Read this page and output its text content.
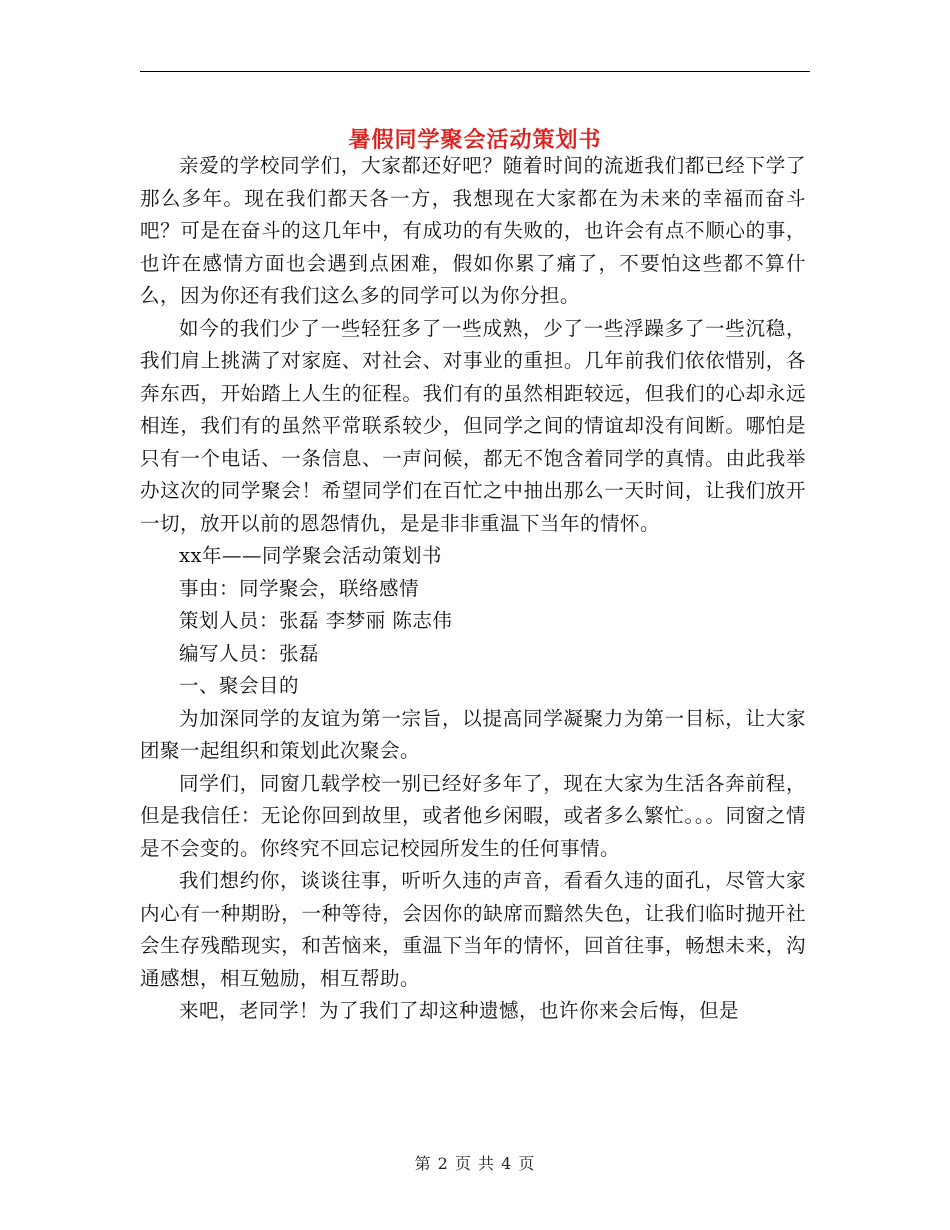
暑假同学聚会活动策划书

亲爱的学校同学们，大家都还好吧？随着时间的流逝我们都已经下学了那么多年。现在我们都天各一方，我想现在大家都在为未来的幸福而奋斗吧？可是在奋斗的这几年中，有成功的有失败的，也许会有点不顺心的事，也许在感情方面也会遇到点困难，假如你累了痛了，不要怕这些都不算什么，因为你还有我们这么多的同学可以为你分担。

如今的我们少了一些轻狂多了一些成熟，少了一些浮躁多了一些沉稳，我们肩上挑满了对家庭、对社会、对事业的重担。几年前我们依依惜别，各奔东西，开始踏上人生的征程。我们有的虽然相距较远，但我们的心却永远相连，我们有的虽然平常联系较少，但同学之间的情谊却没有间断。哪怕是只有一个电话、一条信息、一声问候，都无不饱含着同学的真情。由此我举办这次的同学聚会！希望同学们在百忙之中抽出那么一天时间，让我们放开一切，放开以前的恩怨情仇，是是非非重温下当年的情怀。

xx年——同学聚会活动策划书

事由：同学聚会，联络感情

策划人员：张磊 李梦丽 陈志伟

编写人员：张磊

一、聚会目的

为加深同学的友谊为第一宗旨，以提高同学凝聚力为第一目标，让大家团聚一起组织和策划此次聚会。

同学们，同窗几载学校一别已经好多年了，现在大家为生活各奔前程，但是我信任：无论你回到故里，或者他乡闲暇，或者多么繁忙。。。同窗之情是不会变的。你终究不回忘记校园所发生的任何事情。

我们想约你，谈谈往事，听听久违的声音，看看久违的面孔，尽管大家内心有一种期盼，一种等待，会因你的缺席而黯然失色，让我们临时抛开社会生存残酷现实，和苦恼来，重温下当年的情怀，回首往事，畅想未来，沟通感想，相互勉励，相互帮助。

来吧，老同学！为了我们了却这种遗憾，也许你来会后悔，但是

第 2 页 共 4 页
